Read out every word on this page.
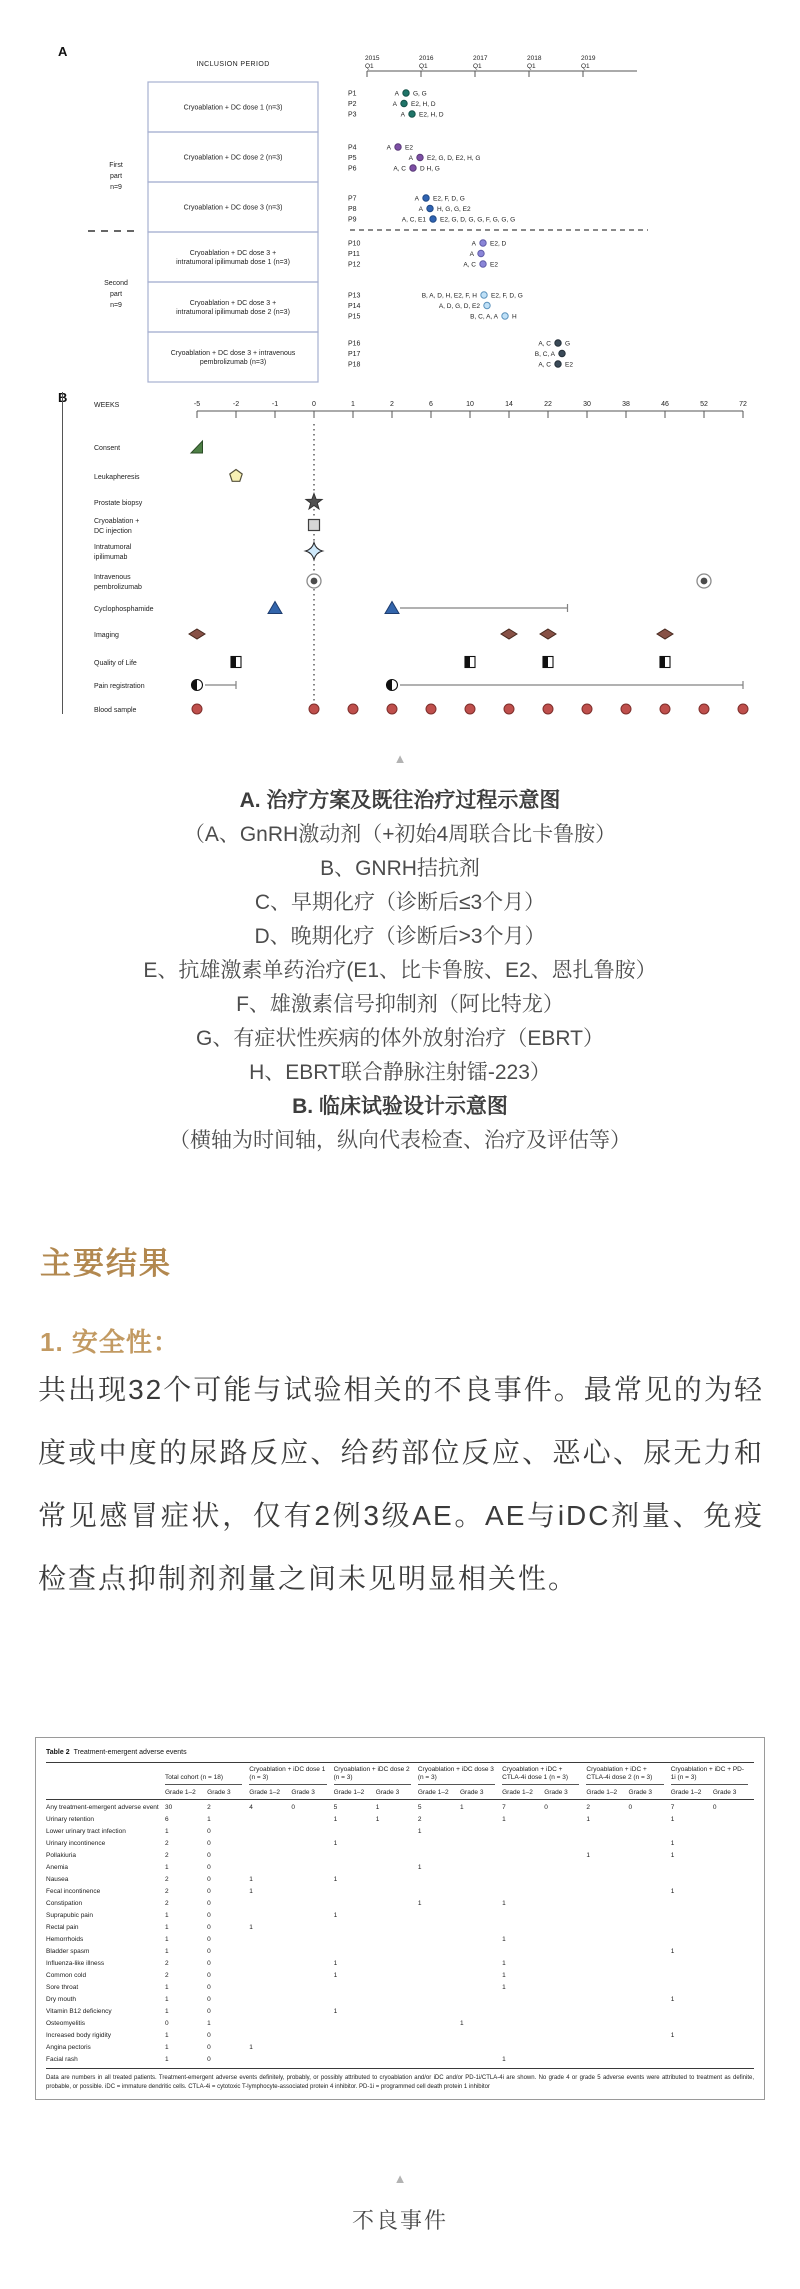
A
INCLUSION PERIOD
Cryoablation + DC dose 1 (n=3)
Cryoablation + DC dose 2 (n=3)
Cryoablation + DC dose 3 (n=3)
Cryoablation + DC dose 3 +
intratumoral ipilimumab dose 1 (n=3)
Cryoablation + DC dose 3 +
intratumoral ipilimumab dose 2 (n=3)
Cryoablation + DC dose 3 + intravenous
pembrolizumab (n=3)
First
part
n=9
Second
part
n=9
2015
Q1
2016
Q1
2017
Q1
2018
Q1
2019
Q1
P1	A G, G
P2	A E2, H, D
P3	A E2, H, D
P4	A E2
P5	A E2, G, D, E2, H, G
P6	A, C D H, G
P7	A E2, F, D, G
P8	A H, G, G, E2
P9	A, C, E1 E2, G, D, G, G, F, G, G, G
P10	A E2, D
P11	A
P12	A, C E2
P13	B, A, D, H, E2, F, H E2, F, D, G
P14	A, D, G, D, E2
P15	B, C, A, A H
P16	A, C G
P17	B, C, A
P18	A, C E2
B
WEEKS	-5	-2	-1	0	1	2	6	10	14	22	30	38	46	52	72
Consent
Leukapheresis
Prostate biopsy
Cryoablation +
DC injection
Intratumoral
ipilimumab
Intravenous
pembrolizumab
Cyclophosphamide
Imaging
Quality of Life
Pain registration
Blood sample
▲
A. 治疗方案及既往治疗过程示意图
（A、GnRH激动剂（+初始4周联合比卡鲁胺）
B、GNRH拮抗剂
C、早期化疗（诊断后≤3个月）
D、晚期化疗（诊断后>3个月）
E、抗雄激素单药治疗(E1、比卡鲁胺、E2、恩扎鲁胺）
F、雄激素信号抑制剂（阿比特龙）
G、有症状性疾病的体外放射治疗（EBRT）
H、EBRT联合静脉注射镭-223）
B. 临床试验设计示意图
（横轴为时间轴，纵向代表检查、治疗及评估等）
主要结果
1. 安全性：
共出现32个可能与试验相关的不良事件。最常见的为轻度或中度的尿路反应、给药部位反应、恶心、尿无力和常见感冒症状，仅有2例3级AE。AE与iDC剂量、免疫检查点抑制剂剂量之间未见明显相关性。
Table 2 Treatment-emergent adverse events

	Total cohort (n = 18)		Cryoablation + iDC dose 1 (n = 3)		Cryoablation + iDC dose 2 (n = 3)		Cryoablation + iDC dose 3 (n = 3)		Cryoablation + iDC + CTLA-4i dose 1 (n = 3)		Cryoablation + iDC + CTLA-4i dose 2 (n = 3)		Cryoablation + iDC + PD-1i (n = 3)	

	Grade 1–2	Grade 3	Grade 1–2	Grade 3	Grade 1–2	Grade 3	Grade 1–2	Grade 3	Grade 1–2	Grade 3	Grade 1–2	Grade 3	Grade 1–2	Grade 3
Any treatment-emergent adverse event	30	2	4	0	5	1	5	1	7	0	2	0	7	0
Urinary retention	6	1			1	1	2		1		1		1	
Lower urinary tract infection	1	0					1							
Urinary incontinence	2	0			1								1	
Pollakiuria	2	0									1		1	
Anemia	1	0					1							
Nausea	2	0	1		1									
Fecal incontinence	2	0	1										1	
Constipation	2	0					1		1					
Suprapubic pain	1	0			1									
Rectal pain	1	0	1											
Hemorrhoids	1	0							1					
Bladder spasm	1	0											1	
Influenza-like illness	2	0			1				1					
Common cold	2	0			1				1					
Sore throat	1	0							1					
Dry mouth	1	0											1	
Vitamin B12 deficiency	1	0			1									
Osteomyelitis	0	1						1						
Increased body rigidity	1	0											1	
Angina pectoris	1	0	1											
Facial rash	1	0							1					
Data are numbers in all treated patients. Treatment-emergent adverse events definitely, probably, or possibly attributed to cryoablation and/or iDC and/or PD-1i/CTLA-4i are shown. No grade 4 or grade 5 adverse events were attributed to treatment as definite, probable, or possible. iDC = immature dendritic cells. CTLA-4i = cytotoxic T-lymphocyte-associated protein 4 inhibitor. PD-1i = programmed cell death protein 1 inhibitor
▲
不良事件
